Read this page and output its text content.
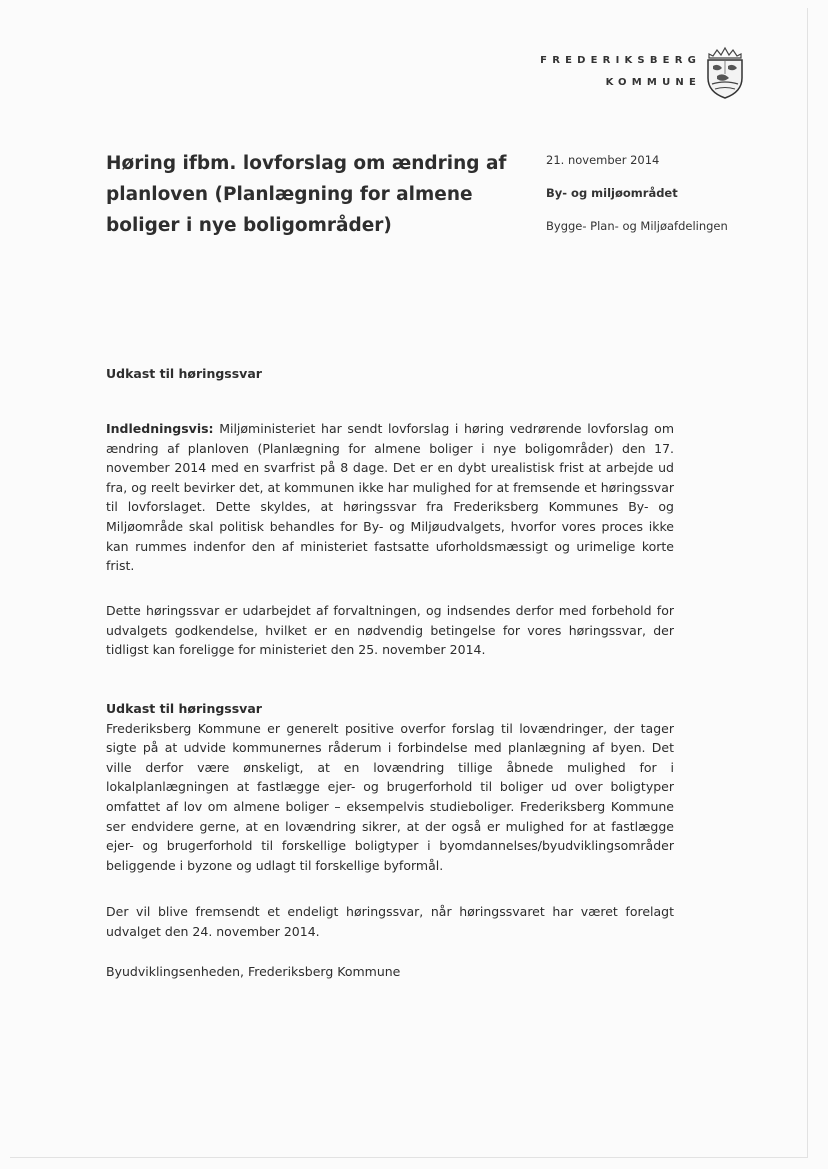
FREDERIKSBERG
KOMMUNE
Høring ifbm. lovforslag om ændring af planloven (Planlægning for almene boliger i nye boligområder)
21. november 2014
By- og miljøområdet
Bygge- Plan- og Miljøafdelingen
Udkast til høringssvar

Indledningsvis: Miljøministeriet har sendt lovforslag i høring vedrørende lovforslag om ændring af planloven (Planlægning for almene boliger i nye boligområder) den 17. november 2014 med en svarfrist på 8 dage. Det er en dybt urealistisk frist at arbejde ud fra, og reelt bevirker det, at kommunen ikke har mulighed for at fremsende et høringssvar til lovforslaget. Dette skyldes, at høringssvar fra Frederiksberg Kommunes By- og Miljøområde skal politisk behandles for By- og Miljøudvalgets, hvorfor vores proces ikke kan rummes indenfor den af ministeriet fastsatte uforholdsmæssigt og urimelige korte frist.

Dette høringssvar er udarbejdet af forvaltningen, og indsendes derfor med forbehold for udvalgets godkendelse, hvilket er en nødvendig betingelse for vores høringssvar, der tidligst kan foreligge for ministeriet den 25. november 2014.

Udkast til høringssvar
Frederiksberg Kommune er generelt positive overfor forslag til lovændringer, der tager sigte på at udvide kommunernes råderum i forbindelse med planlægning af byen. Det ville derfor være ønskeligt, at en lovændring tillige åbnede mulighed for i lokalplanlægningen at fastlægge ejer- og brugerforhold til boliger ud over boligtyper omfattet af lov om almene boliger – eksempelvis studieboliger. Frederiksberg Kommune ser endvidere gerne, at en lovændring sikrer, at der også er mulighed for at fastlægge ejer- og brugerforhold til forskellige boligtyper i byomdannelses/byudviklingsområder beliggende i byzone og udlagt til forskellige byformål.

Der vil blive fremsendt et endeligt høringssvar, når høringssvaret har været forelagt udvalget den 24. november 2014.

Byudviklingsenheden, Frederiksberg Kommune
